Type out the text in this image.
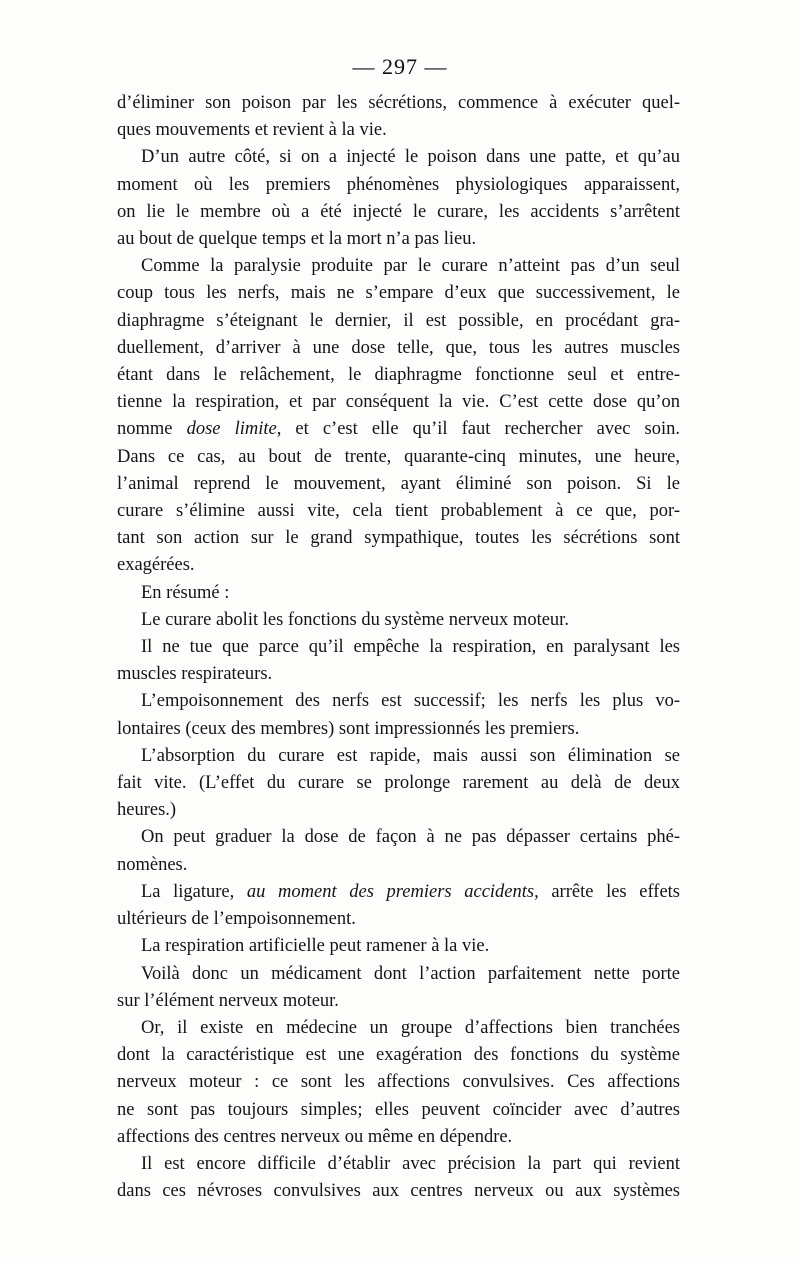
— 297 —

d’éliminer son poison par les sécrétions, commence à exécuter quel-

ques mouvements et revient à la vie.

D’un autre côté, si on a injecté le poison dans une patte, et qu’au

moment où les premiers phénomènes physiologiques apparaissent,

on lie le membre où a été injecté le curare, les accidents s’arrêtent

au bout de quelque temps et la mort n’a pas lieu.

Comme la paralysie produite par le curare n’atteint pas d’un seul

coup tous les nerfs, mais ne s’empare d’eux que successivement, le

diaphragme s’éteignant le dernier, il est possible, en procédant gra-

duellement, d’arriver à une dose telle, que, tous les autres muscles

étant dans le relâchement, le diaphragme fonctionne seul et entre-

tienne la respiration, et par conséquent la vie. C’est cette dose qu’on

nomme dose limite, et c’est elle qu’il faut rechercher avec soin.

Dans ce cas, au bout de trente, quarante-cinq minutes, une heure,

l’animal reprend le mouvement, ayant éliminé son poison. Si le

curare s’élimine aussi vite, cela tient probablement à ce que, por-

tant son action sur le grand sympathique, toutes les sécrétions sont

exagérées.

En résumé :

Le curare abolit les fonctions du système nerveux moteur.

Il ne tue que parce qu’il empêche la respiration, en paralysant les

muscles respirateurs.

L’empoisonnement des nerfs est successif; les nerfs les plus vo-

lontaires (ceux des membres) sont impressionnés les premiers.

L’absorption du curare est rapide, mais aussi son élimination se

fait vite. (L’effet du curare se prolonge rarement au delà de deux

heures.)

On peut graduer la dose de façon à ne pas dépasser certains phé-

nomènes.

La ligature, au moment des premiers accidents, arrête les effets

ultérieurs de l’empoisonnement.

La respiration artificielle peut ramener à la vie.

Voilà donc un médicament dont l’action parfaitement nette porte

sur l’élément nerveux moteur.

Or, il existe en médecine un groupe d’affections bien tranchées

dont la caractéristique est une exagération des fonctions du système

nerveux moteur : ce sont les affections convulsives. Ces affections

ne sont pas toujours simples; elles peuvent coïncider avec d’autres

affections des centres nerveux ou même en dépendre.

Il est encore difficile d’établir avec précision la part qui revient

dans ces névroses convulsives aux centres nerveux ou aux systèmes
